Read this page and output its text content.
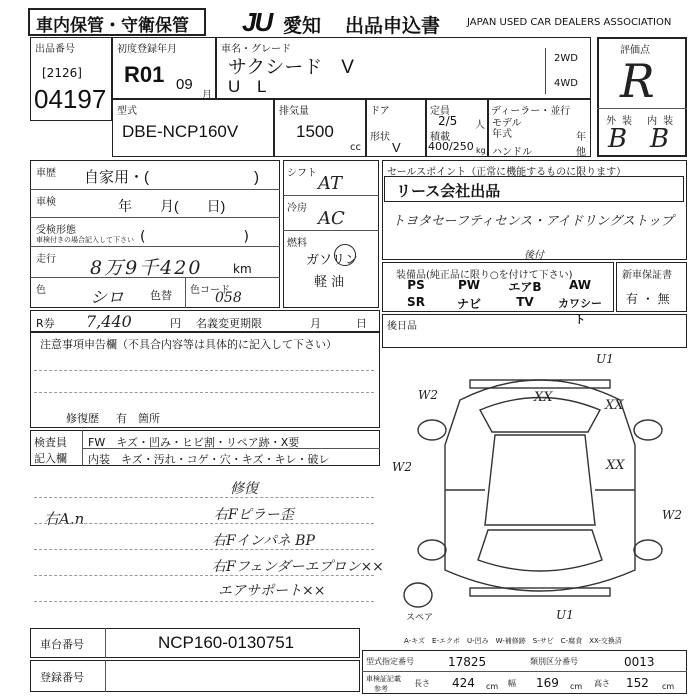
車内保管・守衛保管 JU 愛知 出品申込書	JAPAN USED CAR DEALERS ASSOCIATION
出品番号
[2126]
04197
初度登録年月
R01 09
月
車名・グレード
サクシード　V
U L
2WD
4WD
評価点
R
外装 内装
B B
型式
DBE-NCP160V
排気量
1500
cc
ドア
形状
V
定員
2/5 人
積載
400/250 kg
ディーラー・並行
モデル 年式	年
ハンドル	他
車歴 自家用・(　　　　　　　)
車検	年　　月(　　日)
受検形態
車検付きの場合記入して下さい (　　　　　　　)
走行 8万9千420	km
色	シロ 色替 色コード
058
シフト AT
冷房 AC
燃料
ガソリン
軽 油
セールスポイント（正常に機能するものに限ります）
リース会社出品
トヨタセーフティセンス・アイドリングストップ
装備品(純正品に限り○を付けて下さい)
後付
PS	PW	エアB	AW
SR	ナビ	TV	カワシート
新車保証書
有 ・ 無
R券 7,440	円 名義変更期限	月	日 後日品
注意事項申告欄（不具合内容等は具体的に記入して下さい）
修復歴 有　箇所
検査員
記入欄
FW　キズ・凹み・ヒビ割・リペア跡・X要
内装　キズ・汚れ・コゲ・穴・キズ・キレ・破レ
修復
右Fピラー歪
右Fインパネ BP
右Fフェンダーエプロン××
エアサポート××
右A.n
U1
W2	XX
XX
W2	XX
W2
U1
スペア
A-キズ　E-エクボ　U-凹み　W-補修跡　S-サビ　C-腐食　XX-交換済
車台番号	NCP160-0130751
登録番号
型式指定番号	17825	類別区分番号	0013
車検証記載
参考
長さ 424 cm 幅 169 cm 高さ 152 cm
